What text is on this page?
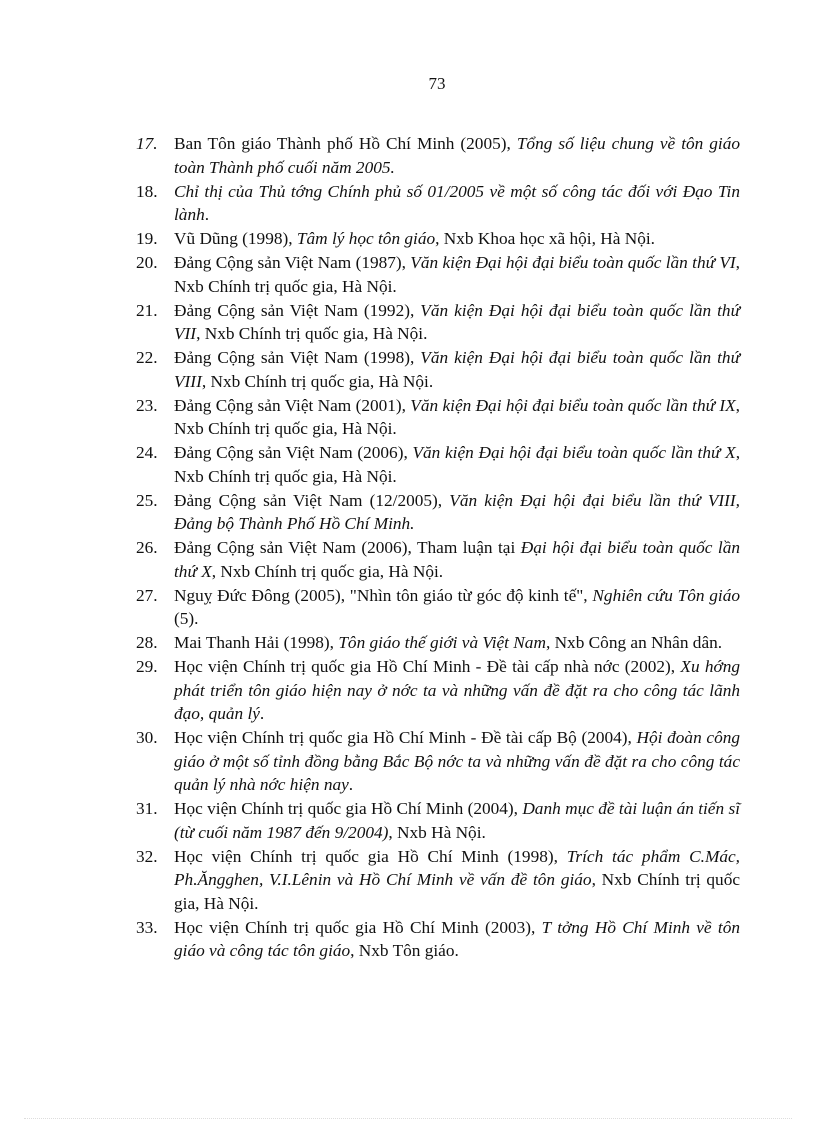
73
17. Ban Tôn giáo Thành phố Hồ Chí Minh (2005), Tổng số liệu chung về tôn giáo toàn Thành phố cuối năm 2005.
18. Chỉ thị của Thủ tớng Chính phủ số 01/2005 về một số công tác đối với Đạo Tin lành.
19. Vũ Dũng (1998), Tâm lý học tôn giáo, Nxb Khoa học xã hội, Hà Nội.
20. Đảng Cộng sản Việt Nam (1987), Văn kiện Đại hội đại biểu toàn quốc lần thứ VI, Nxb Chính trị quốc gia, Hà Nội.
21. Đảng Cộng sản Việt Nam (1992), Văn kiện Đại hội đại biểu toàn quốc lần thứ VII, Nxb Chính trị quốc gia, Hà Nội.
22. Đảng Cộng sản Việt Nam (1998), Văn kiện Đại hội đại biểu toàn quốc lần thứ VIII, Nxb Chính trị quốc gia, Hà Nội.
23. Đảng Cộng sản Việt Nam (2001), Văn kiện Đại hội đại biểu toàn quốc lần thứ IX, Nxb Chính trị quốc gia, Hà Nội.
24. Đảng Cộng sản Việt Nam (2006), Văn kiện Đại hội đại biểu toàn quốc lần thứ X, Nxb Chính trị quốc gia, Hà Nội.
25. Đảng Cộng sản Việt Nam (12/2005), Văn kiện Đại hội đại biểu lần thứ VIII, Đảng bộ Thành Phố Hồ Chí Minh.
26. Đảng Cộng sản Việt Nam (2006), Tham luận tại Đại hội đại biểu toàn quốc lần thứ X, Nxb Chính trị quốc gia, Hà Nội.
27. Nguỵ Đức Đông (2005), "Nhìn tôn giáo từ góc độ kinh tế", Nghiên cứu Tôn giáo (5).
28. Mai Thanh Hải (1998), Tôn giáo thế giới và Việt Nam, Nxb Công an Nhân dân.
29. Học viện Chính trị quốc gia Hồ Chí Minh - Đề tài cấp nhà nớc (2002), Xu hớng phát triển tôn giáo hiện nay ở nớc ta và những vấn đề đặt ra cho công tác lãnh đạo, quản lý.
30. Học viện Chính trị quốc gia Hồ Chí Minh - Đề tài cấp Bộ (2004), Hội đoàn công giáo ở một số tỉnh đồng bằng Bắc Bộ nớc ta và những vấn đề đặt ra cho công tác quản lý nhà nớc hiện nay.
31. Học viện Chính trị quốc gia Hồ Chí Minh (2004), Danh mục đề tài luận án tiến sĩ (từ cuối năm 1987 đến 9/2004), Nxb Hà Nội.
32. Học viện Chính trị quốc gia Hồ Chí Minh (1998), Trích tác phẩm C.Mác, Ph.Ăngghen, V.I.Lênin và Hồ Chí Minh về vấn đề tôn giáo, Nxb Chính trị quốc gia, Hà Nội.
33. Học viện Chính trị quốc gia Hồ Chí Minh (2003), T tởng Hồ Chí Minh về tôn giáo và công tác tôn giáo, Nxb Tôn giáo.
